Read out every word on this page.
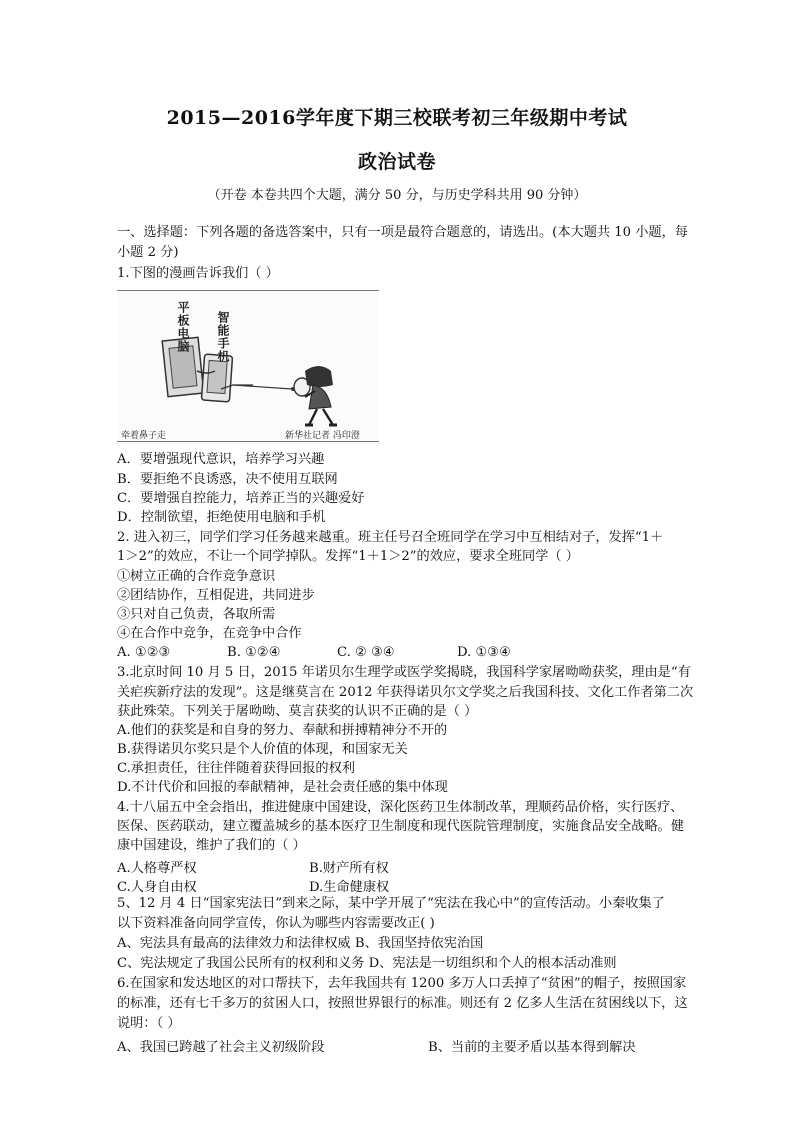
2015—2016学年度下期三校联考初三年级期中考试
政治试卷
（开卷 本卷共四个大题，满分 50 分，与历史学科共用 90 分钟）
一、选择题：下列各题的备选答案中，只有一项是最符合题意的，请选出。(本大题共 10 小题，每
小题 2 分)
1.下图的漫画告诉我们（ ）
平板电脑 智能手机
牵着鼻子走	新华社记者 冯印澄
A．要增强现代意识，培养学习兴趣
B．要拒绝不良诱惑，决不使用互联网
C．要增强自控能力，培养正当的兴趣爱好
D．控制欲望，拒绝使用电脑和手机
2. 进入初三，同学们学习任务越来越重。班主任号召全班同学在学习中互相结对子，发挥“1＋
1＞2”的效应，不让一个同学掉队。发挥“1＋1＞2”的效应，要求全班同学（ ）
①树立正确的合作竞争意识
②团结协作，互相促进，共同进步
③只对自己负责，各取所需
④在合作中竞争，在竞争中合作
A. ①②③	B. ①②④	C. ② ③④	D. ①③④
3.北京时间 10 月 5 日，2015 年诺贝尔生理学或医学奖揭晓，我国科学家屠呦呦获奖，理由是“有
关疟疾新疗法的发现”。这是继莫言在 2012 年获得诺贝尔文学奖之后我国科技、文化工作者第二次
获此殊荣。下列关于屠呦呦、莫言获奖的认识不正确的是（ ）
A.他们的获奖是和自身的努力、奉献和拼搏精神分不开的
B.获得诺贝尔奖只是个人价值的体现，和国家无关
C.承担责任，往往伴随着获得回报的权利
D.不计代价和回报的奉献精神，是社会责任感的集中体现
4.十八届五中全会指出，推进健康中国建设，深化医药卫生体制改革，理顺药品价格，实行医疗、
医保、医药联动，建立覆盖城乡的基本医疗卫生制度和现代医院管理制度，实施食品安全战略。健
康中国建设，维护了我们的（ ）
A.人格尊严权	B.财产所有权
C.人身自由权	D.生命健康权
5、12 月 4 日“国家宪法日”到来之际，某中学开展了“宪法在我心中”的宣传活动。小秦收集了
以下资料准备向同学宣传，你认为哪些内容需要改正( )
A、宪法具有最高的法律效力和法律权威 B、我国坚持依宪治国
C、宪法规定了我国公民所有的权利和义务 D、宪法是一切组织和个人的根本活动准则
6.在国家和发达地区的对口帮扶下，去年我国共有 1200 多万人口丢掉了“贫困”的帽子，按照国家
的标准，还有七千多万的贫困人口，按照世界银行的标准。则还有 2 亿多人生活在贫困线以下，这
说明：（ ）
A、我国已跨越了社会主义初级阶段	B、当前的主要矛盾以基本得到解决
